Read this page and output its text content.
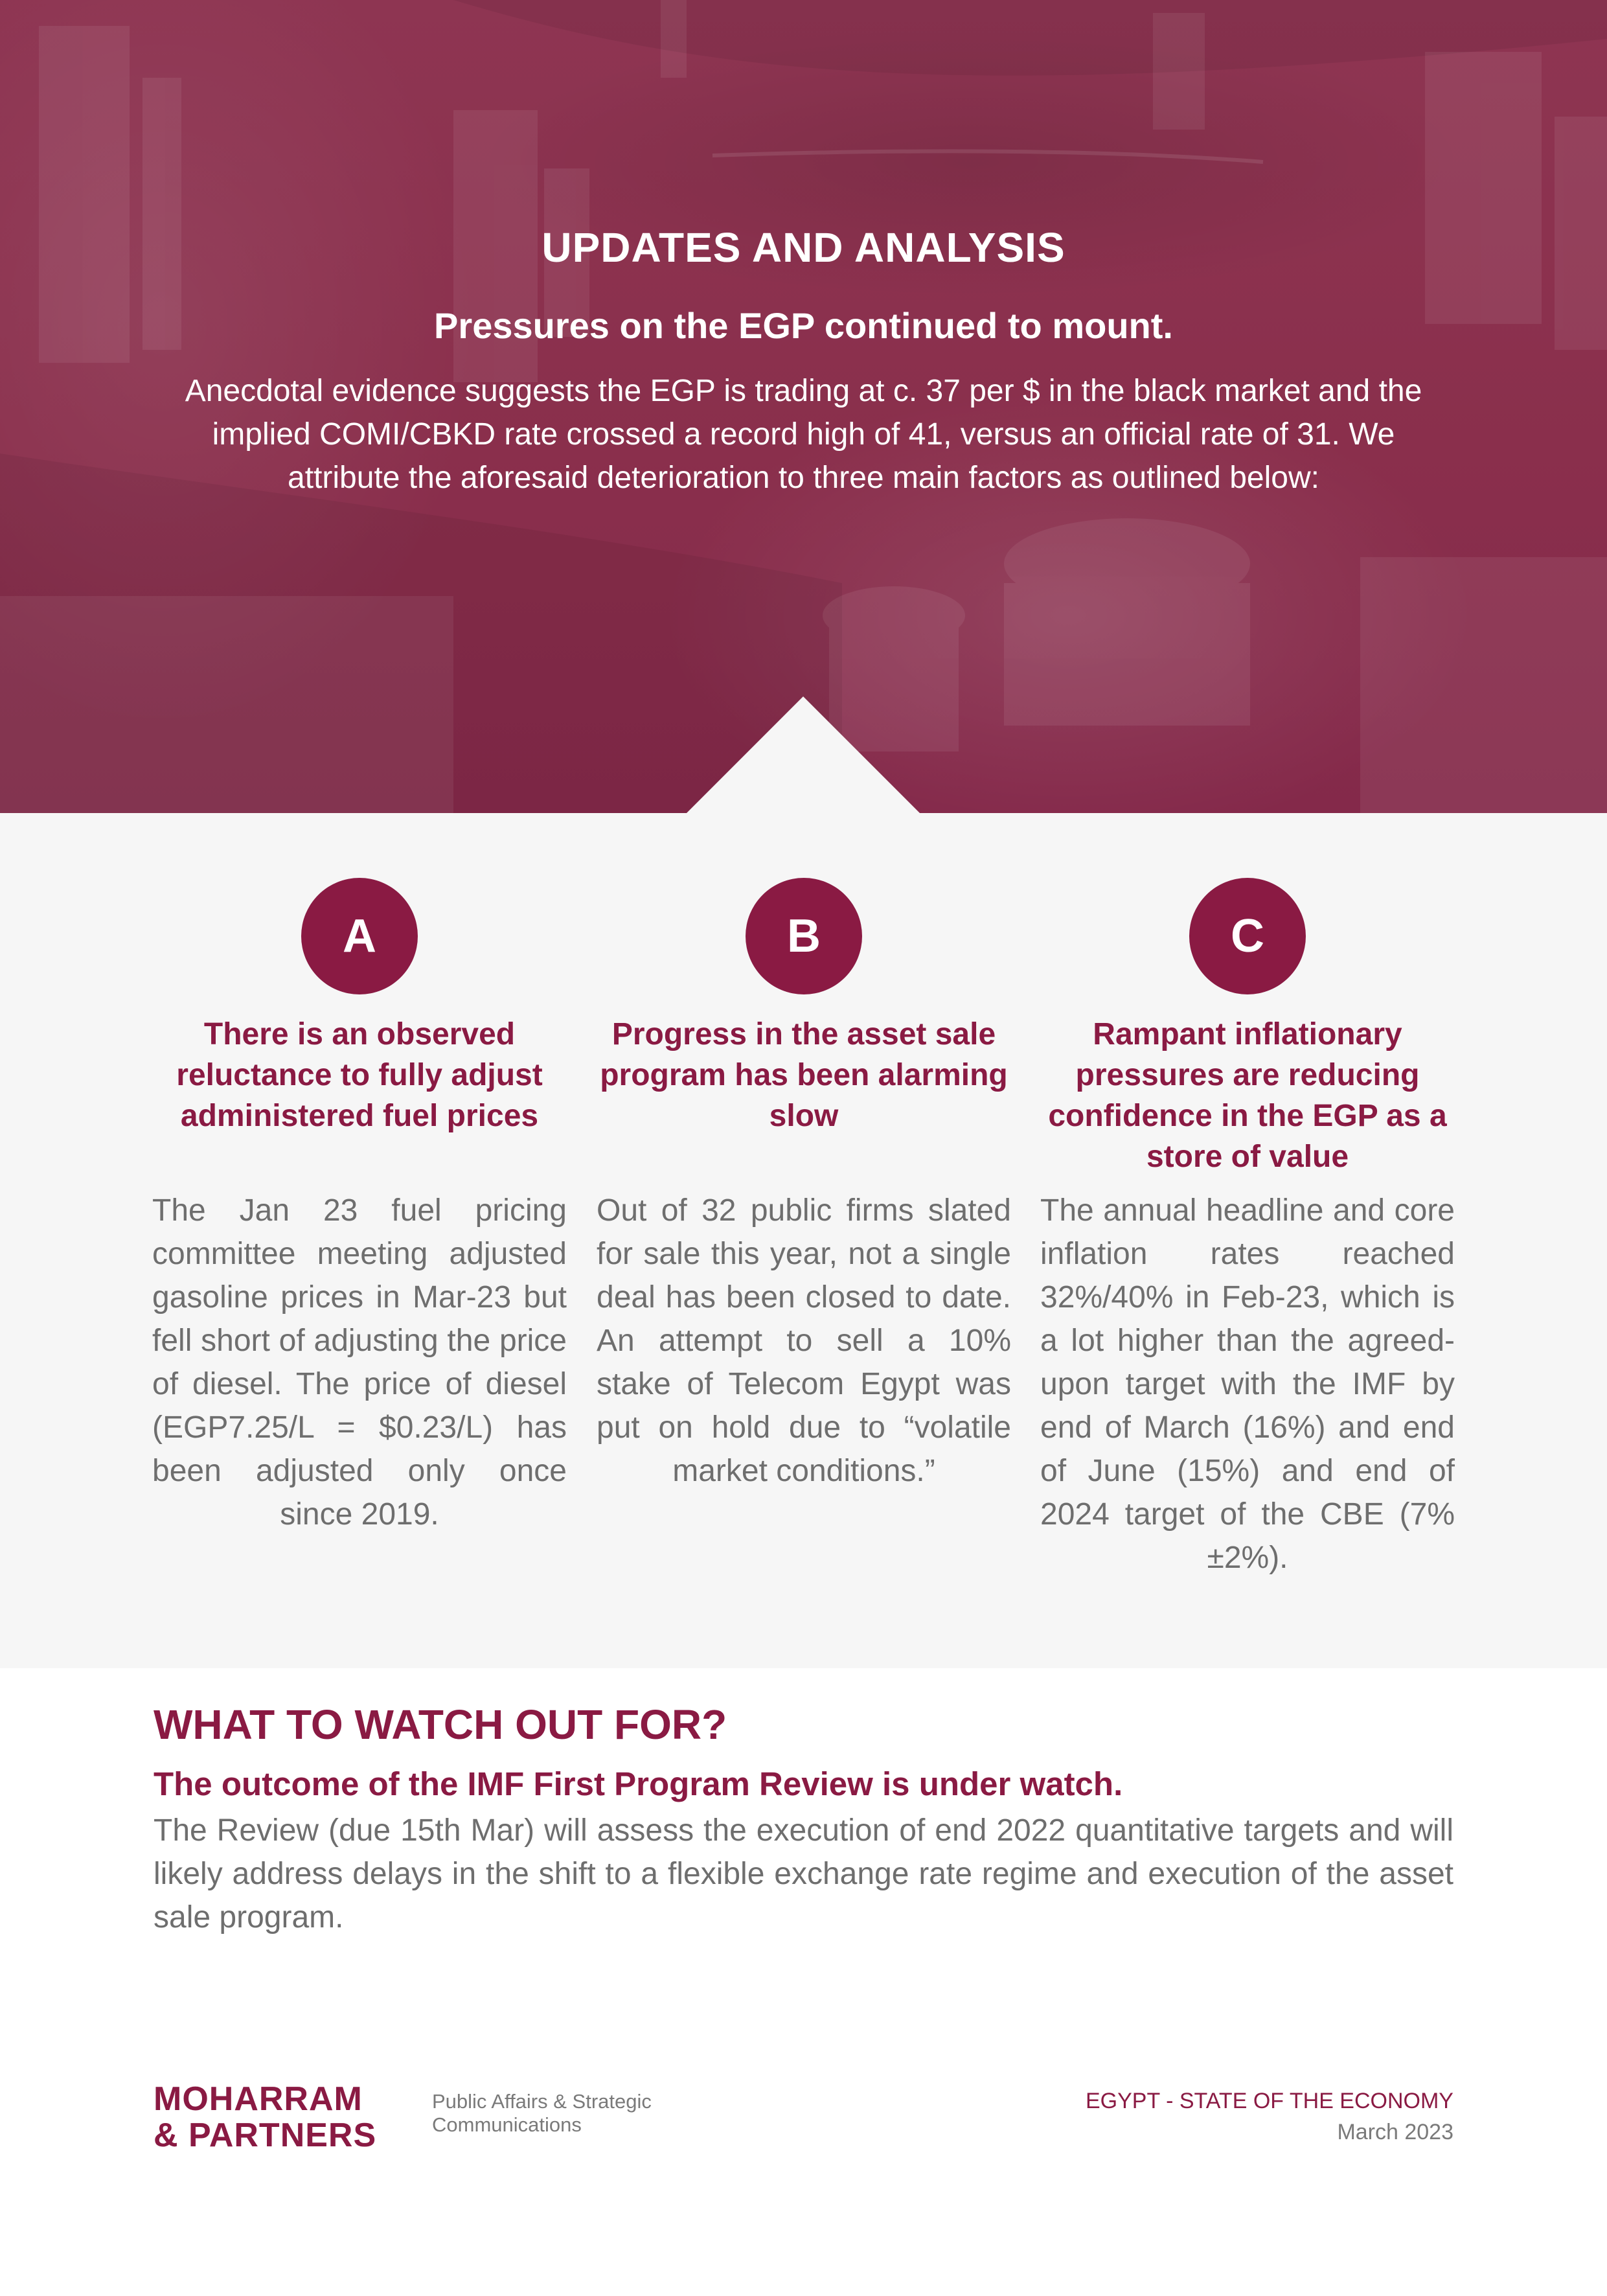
UPDATES AND ANALYSIS
Pressures on the EGP continued to mount.

Anecdotal evidence suggests the EGP is trading at c. 37 per $ in the black market and the implied COMI/CBKD rate crossed a record high of 41, versus an official rate of 31. We attribute the aforesaid deterioration to three main factors as outlined below:

A
There is an observed reluctance to fully adjust administered fuel prices

The Jan 23 fuel pricing committee meeting adjusted gasoline prices in Mar-23 but fell short of adjusting the price of diesel. The price of diesel (EGP7.25/L = $0.23/L) has been adjusted only once since 2019.

B
Progress in the asset sale program has been alarming slow

Out of 32 public firms slated for sale this year, not a single deal has been closed to date. An attempt to sell a 10% stake of Telecom Egypt was put on hold due to “volatile market conditions.”

C
Rampant inflationary pressures are reducing confidence in the EGP as a store of value

The annual headline and core inflation rates reached 32%/40% in Feb-23, which is a lot higher than the agreed-upon target with the IMF by end of March (16%) and end of June (15%) and end of 2024 target of the CBE (7% ±2%).

WHAT TO WATCH OUT FOR?
The outcome of the IMF First Program Review is under watch.

The Review (due 15th Mar) will assess the execution of end 2022 quantitative targets and will likely address delays in the shift to a flexible exchange rate regime and execution of the asset sale program.

MOHARRAM
& PARTNERS
Public Affairs & Strategic
Communications

EGYPT - STATE OF THE ECONOMY

March 2023
